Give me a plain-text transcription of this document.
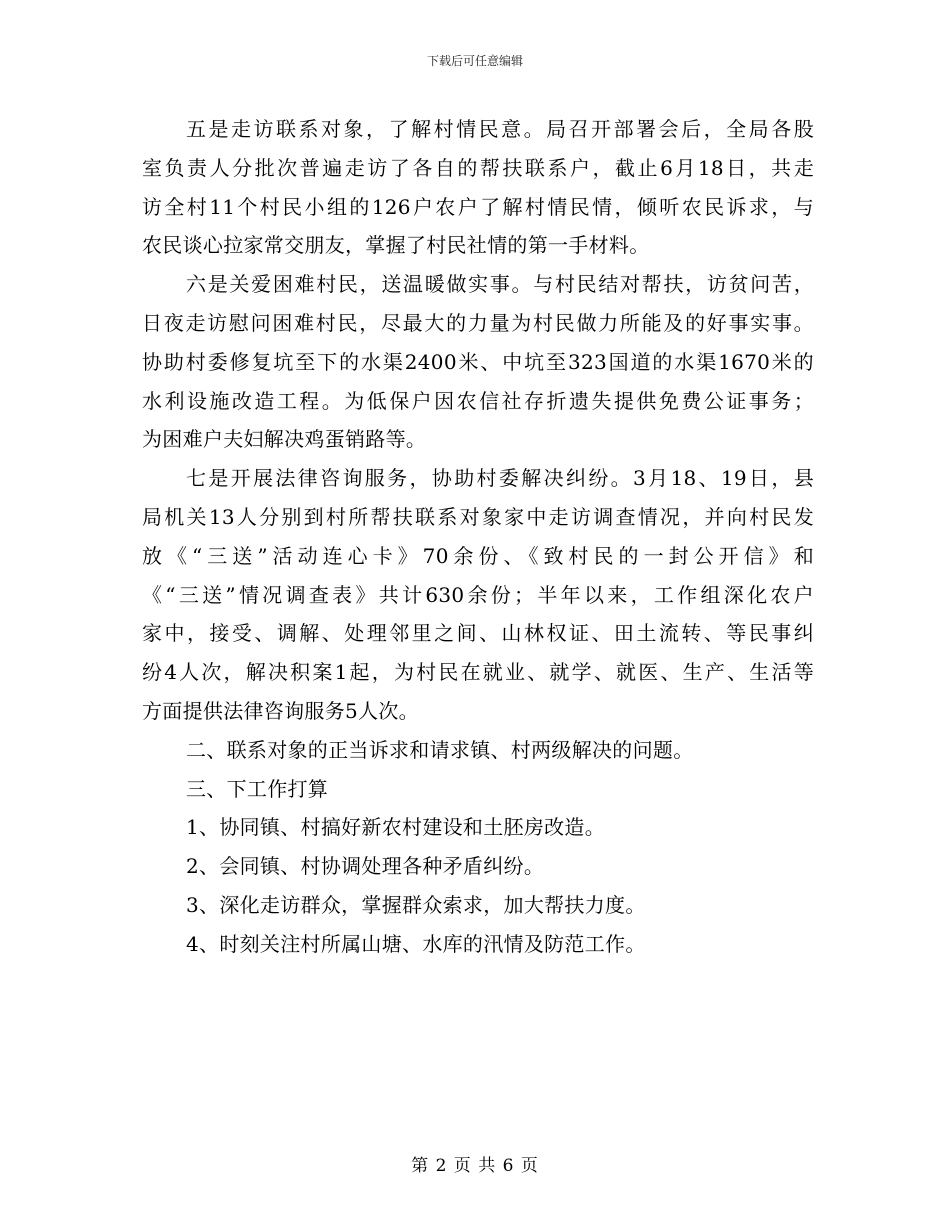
下载后可任意编辑

五是走访联系对象，了解村情民意。局召开部署会后，全局各股
室负责人分批次普遍走访了各自的帮扶联系户，截止6月18日，共走
访全村11个村民小组的126户农户了解村情民情，倾听农民诉求，与
农民谈心拉家常交朋友，掌握了村民社情的第一手材料。

六是关爱困难村民，送温暖做实事。与村民结对帮扶，访贫问苦，
日夜走访慰问困难村民，尽最大的力量为村民做力所能及的好事实事。
协助村委修复坑至下的水渠2400米、中坑至323国道的水渠1670米的
水利设施改造工程。为低保户因农信社存折遗失提供免费公证事务；
为困难户夫妇解决鸡蛋销路等。

七是开展法律咨询服务，协助村委解决纠纷。3月18、19日，县
局机关13人分别到村所帮扶联系对象家中走访调查情况，并向村民发
放《“三送”活动连心卡》70余份、《致村民的一封公开信》和
《“三送”情况调查表》共计630余份；半年以来，工作组深化农户
家中，接受、调解、处理邻里之间、山林权证、田土流转、等民事纠
纷4人次，解决积案1起，为村民在就业、就学、就医、生产、生活等
方面提供法律咨询服务5人次。

二、联系对象的正当诉求和请求镇、村两级解决的问题。
三、下工作打算
1、协同镇、村搞好新农村建设和土胚房改造。
2、会同镇、村协调处理各种矛盾纠纷。
3、深化走访群众，掌握群众索求，加大帮扶力度。
4、时刻关注村所属山塘、水库的汛情及防范工作。
第 2 页 共 6 页
